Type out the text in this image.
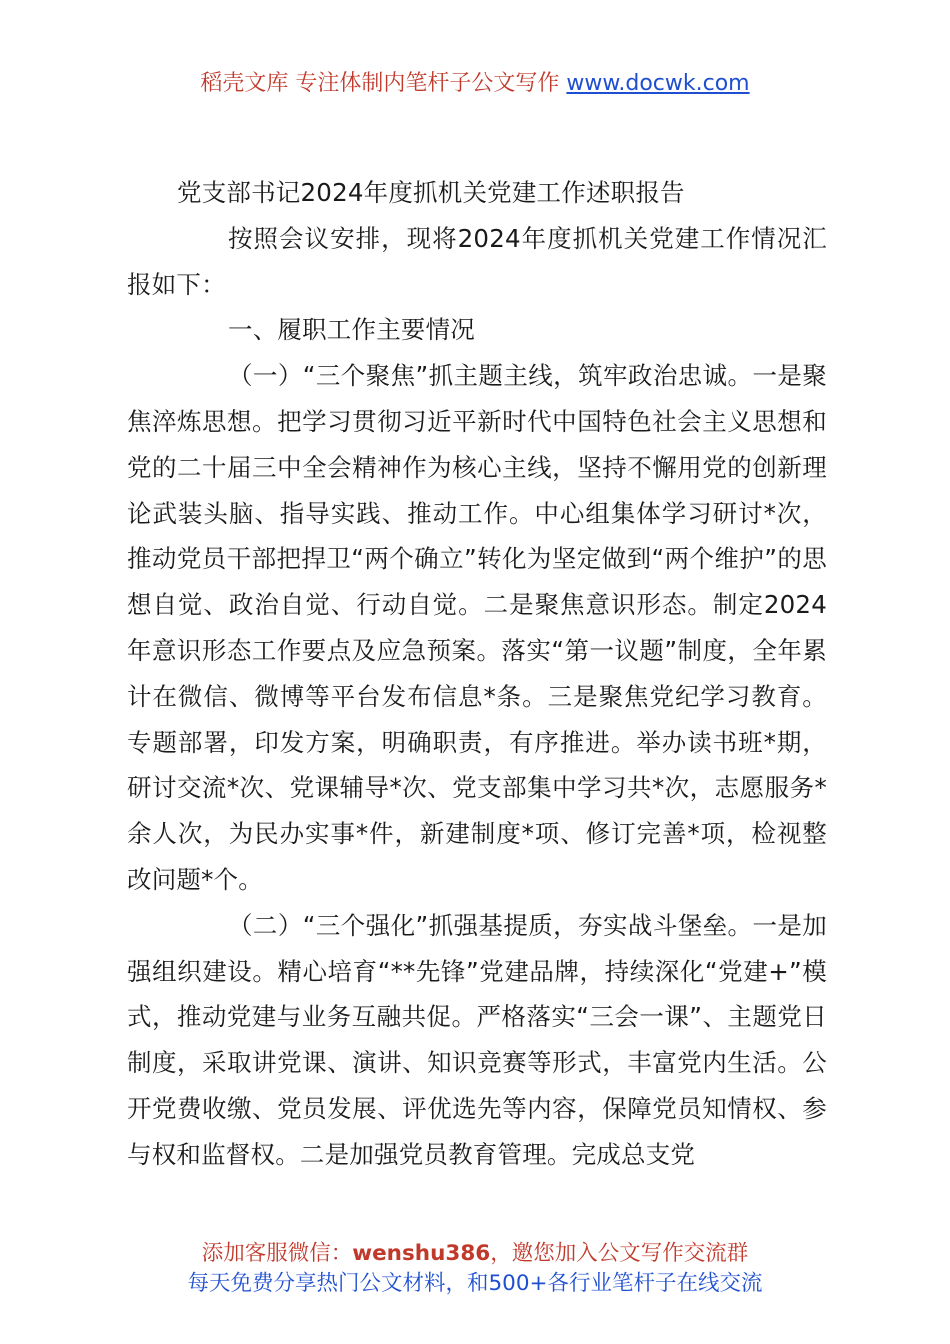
稻壳文库 专注体制内笔杆子公文写作 www.docwk.com

党支部书记2024年度抓机关党建工作述职报告

按照会议安排，现将2024年度抓机关党建工作情况汇报如下：

一、履职工作主要情况

（一）“三个聚焦”抓主题主线，筑牢政治忠诚。一是聚焦淬炼思想。把学习贯彻习近平新时代中国特色社会主义思想和党的二十届三中全会精神作为核心主线，坚持不懈用党的创新理论武装头脑、指导实践、推动工作。中心组集体学习研讨*次，推动党员干部把捍卫“两个确立”转化为坚定做到“两个维护”的思想自觉、政治自觉、行动自觉。二是聚焦意识形态。制定2024年意识形态工作要点及应急预案。落实“第一议题”制度，全年累计在微信、微博等平台发布信息*条。三是聚焦党纪学习教育。专题部署，印发方案，明确职责，有序推进。举办读书班*期，研讨交流*次、党课辅导*次、党支部集中学习共*次，志愿服务*余人次，为民办实事*件，新建制度*项、修订完善*项，检视整改问题*个。

（二）“三个强化”抓强基提质，夯实战斗堡垒。一是加强组织建设。精心培育“**先锋”党建品牌，持续深化“党建+”模式，推动党建与业务互融共促。严格落实“三会一课”、主题党日制度，采取讲党课、演讲、知识竞赛等形式，丰富党内生活。公开党费收缴、党员发展、评优选先等内容，保障党员知情权、参与权和监督权。二是加强党员教育管理。完成总支党

添加客服微信：wenshu386，邀您加入公文写作交流群
每天免费分享热门公文材料，和500+各行业笔杆子在线交流
